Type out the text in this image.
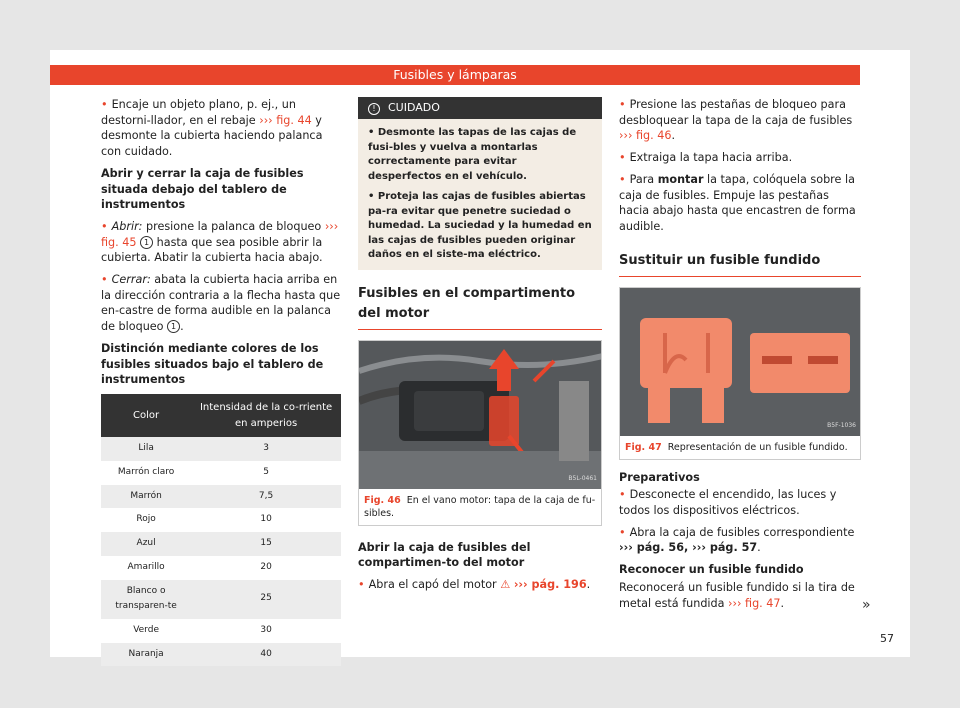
Fusibles y lámparas

• Encaje un objeto plano, p. ej., un destorni-llador, en el rebaje ››› fig. 44 y desmonte la cubierta haciendo palanca con cuidado.

Abrir y cerrar la caja de fusibles situada debajo del tablero de instrumentos

• Abrir: presione la palanca de bloqueo ››› fig. 45 1 hasta que sea posible abrir la cubierta. Abatir la cubierta hacia abajo.

• Cerrar: abata la cubierta hacia arriba en la dirección contraria a la flecha hasta que en-castre de forma audible en la palanca de bloqueo 1 .

Distinción mediante colores de los fusibles situados bajo el tablero de instrumentos

Color	Intensidad de la co-rriente en amperios
Lila	3
Marrón claro	5
Marrón	7,5
Rojo	10
Azul	15
Amarillo	20
Blanco o transparen-te	25
Verde	30
Naranja	40
! CUIDADO

• Desmonte las tapas de las cajas de fusi-bles y vuelva a montarlas correctamente para evitar desperfectos en el vehículo.

• Proteja las cajas de fusibles abiertas pa-ra evitar que penetre suciedad o humedad. La suciedad y la humedad en las cajas de fusibles pueden originar daños en el siste-ma eléctrico.

Fusibles en el compartimento del motor
B5L-0461
Fig. 46 En el vano motor: tapa de la caja de fu-sibles.

Abrir la caja de fusibles del compartimen-to del motor

• Abra el capó del motor ⚠ ››› pág. 196.

• Presione las pestañas de bloqueo para desbloquear la tapa de la caja de fusibles ››› fig. 46.

• Extraiga la tapa hacia arriba.

• Para montar la tapa, colóquela sobre la caja de fusibles. Empuje las pestañas hacia abajo hasta que encastren de forma audible.

Sustituir un fusible fundido
B5F-1036
Fig. 47 Representación de un fusible fundido.

Preparativos

• Desconecte el encendido, las luces y todos los dispositivos eléctricos.

• Abra la caja de fusibles correspondiente ››› pág. 56, ››› pág. 57.

Reconocer un fusible fundido

Reconocerá un fusible fundido si la tira de metal está fundida ››› fig. 47.	»
57
